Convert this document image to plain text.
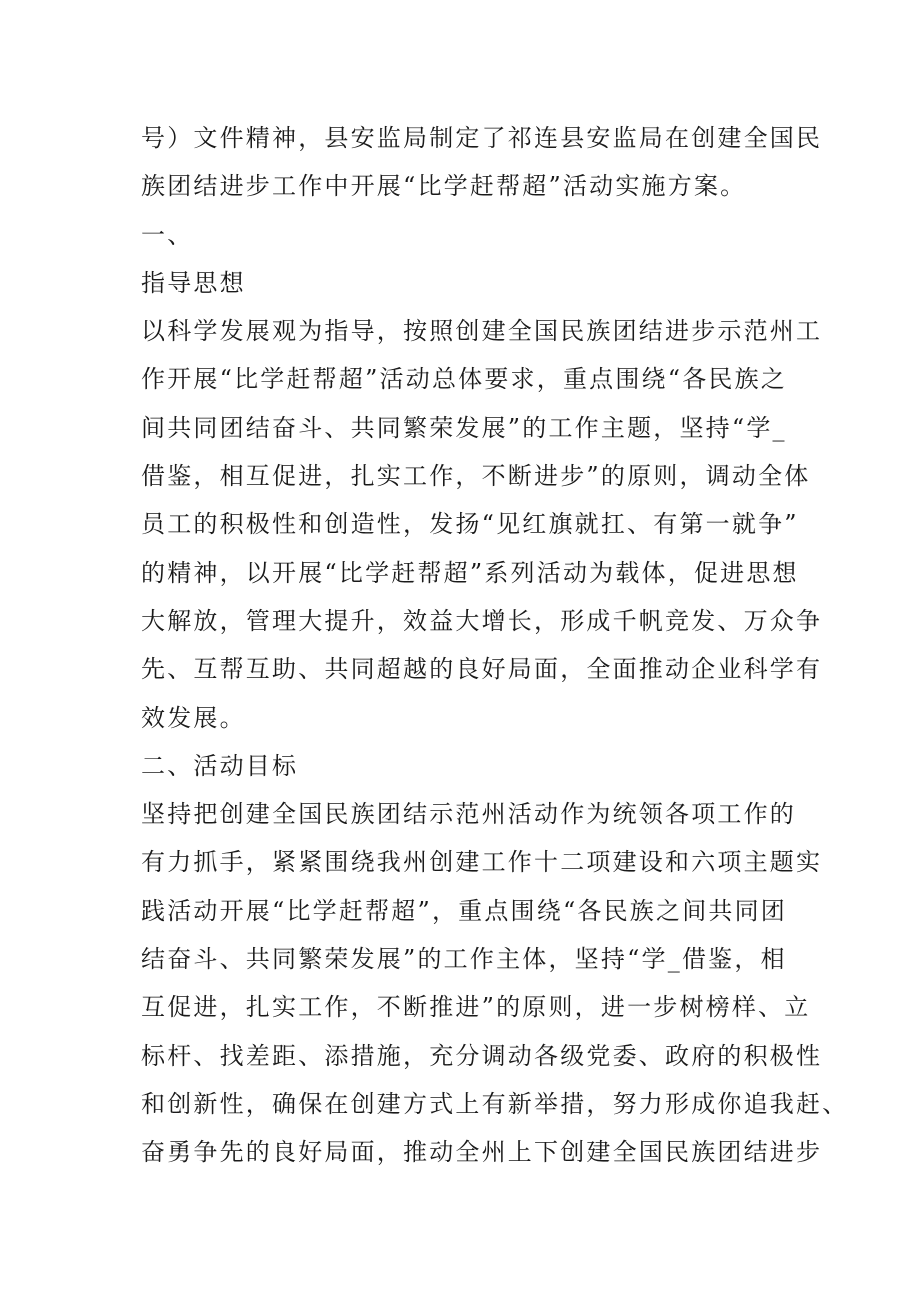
号）文件精神，县安监局制定了祁连县安监局在创建全国民
族团结进步工作中开展“比学赶帮超”活动实施方案。
一、
指导思想
以科学发展观为指导，按照创建全国民族团结进步示范州工
作开展“比学赶帮超”活动总体要求，重点围绕“各民族之
间共同团结奋斗、共同繁荣发展”的工作主题，坚持“学_
借鉴，相互促进，扎实工作，不断进步”的原则，调动全体
员工的积极性和创造性，发扬“见红旗就扛、有第一就争”
的精神，以开展“比学赶帮超”系列活动为载体，促进思想
大解放，管理大提升，效益大增长，形成千帆竞发、万众争
先、互帮互助、共同超越的良好局面，全面推动企业科学有
效发展。
二、活动目标
坚持把创建全国民族团结示范州活动作为统领各项工作的
有力抓手，紧紧围绕我州创建工作十二项建设和六项主题实
践活动开展“比学赶帮超”，重点围绕“各民族之间共同团
结奋斗、共同繁荣发展”的工作主体，坚持“学_借鉴，相
互促进，扎实工作，不断推进”的原则，进一步树榜样、立
标杆、找差距、添措施，充分调动各级党委、政府的积极性
和创新性，确保在创建方式上有新举措，努力形成你追我赶、
奋勇争先的良好局面，推动全州上下创建全国民族团结进步
